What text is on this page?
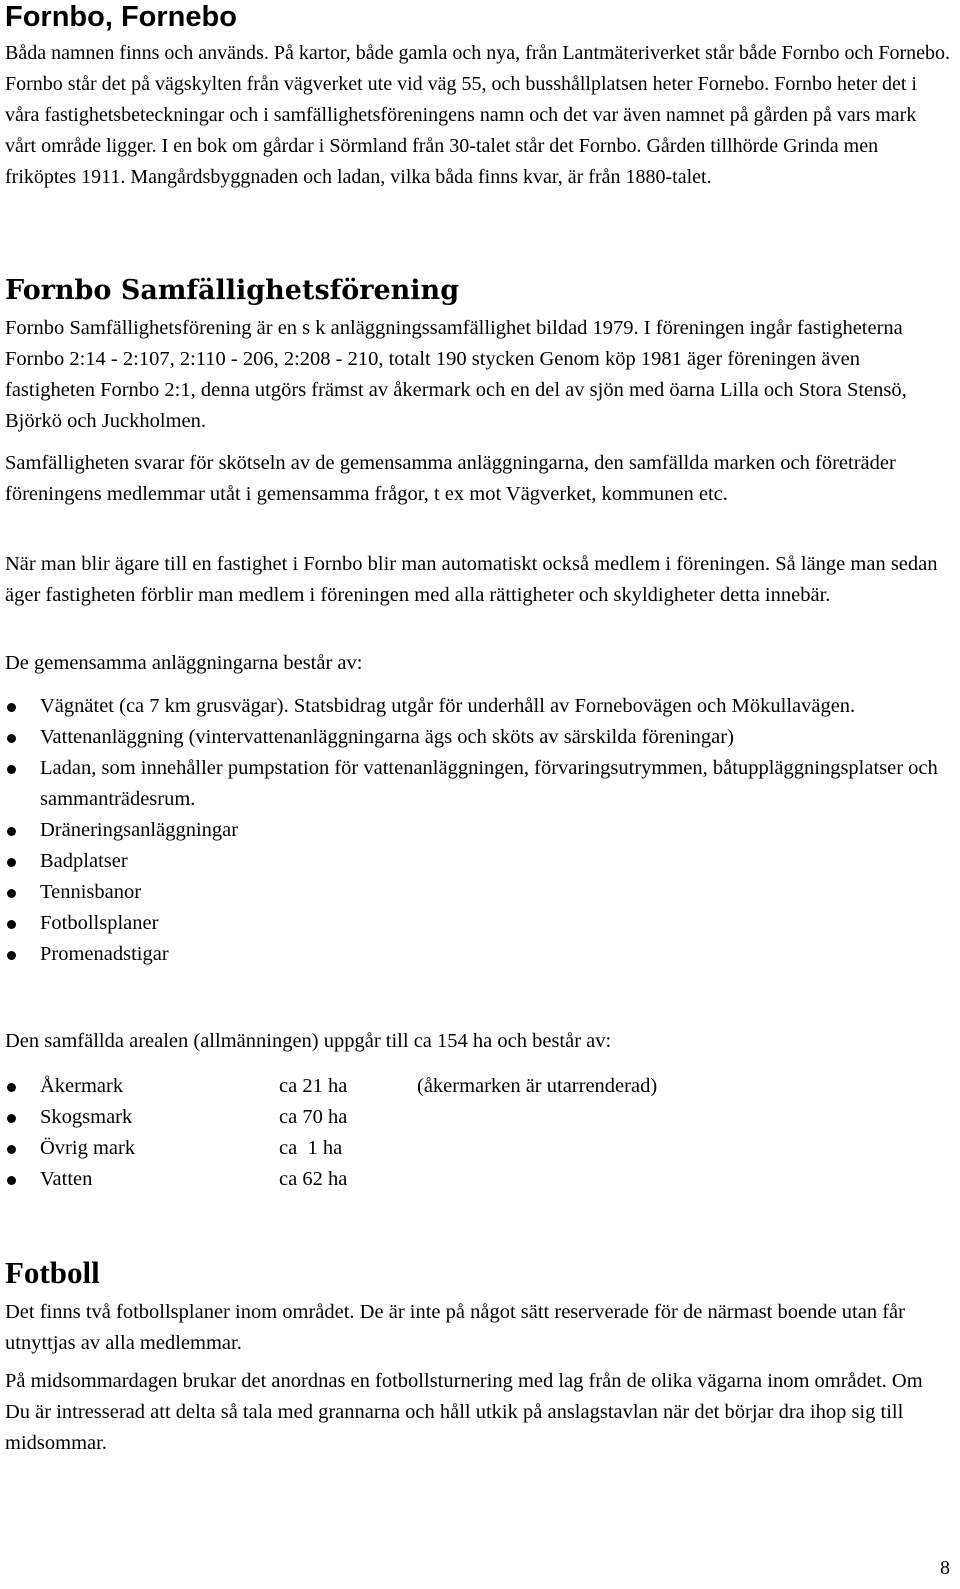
Fornbo, Fornebo

Båda namnen finns och används. På kartor, både gamla och nya, från Lantmäteriverket står både Fornbo och Fornebo. Fornbo står det på vägskylten från vägverket ute vid väg 55, och busshållplatsen heter Fornebo. Fornbo heter det i våra fastighetsbeteckningar och i samfällighetsföreningens namn och det var även namnet på gården på vars mark vårt område ligger. I en bok om gårdar i Sörmland från 30-talet står det Fornbo. Gården tillhörde Grinda men friköptes 1911. Mangårdsbyggnaden och ladan, vilka båda finns kvar, är från 1880-talet.

Fornbo Samfällighetsförening

Fornbo Samfällighetsförening är en s k anläggningssamfällighet bildad 1979. I föreningen ingår fastigheterna Fornbo 2:14 - 2:107, 2:110 - 206, 2:208 - 210, totalt 190 stycken Genom köp 1981 äger föreningen även fastigheten Fornbo 2:1, denna utgörs främst av åkermark och en del av sjön med öarna Lilla och Stora Stensö, Björkö och Juckholmen.

Samfälligheten svarar för skötseln av de gemensamma anläggningarna, den samfällda marken och företräder föreningens medlemmar utåt i gemensamma frågor, t ex mot Vägverket, kommunen etc.

När man blir ägare till en fastighet i Fornbo blir man automatiskt också medlem i föreningen. Så länge man sedan äger fastigheten förblir man medlem i föreningen med alla rättigheter och skyldigheter detta innebär.

De gemensamma anläggningarna består av:

Vägnätet (ca 7 km grusvägar). Statsbidrag utgår för underhåll av Fornebovägen och Mökullavägen.
Vattenanläggning (vintervattenanläggningarna ägs och sköts av särskilda föreningar)
Ladan, som innehåller pumpstation för vattenanläggningen, förvaringsutrymmen, båtuppläggningsplatser och sammanträdesrum.
Dräneringsanläggningar
Badplatser
Tennisbanor
Fotbollsplaner
Promenadstigar

Den samfällda arealen (allmänningen) uppgår till ca 154 ha och består av:

Åkermark	ca 21 ha	(åkermarken är utarrenderad)
Skogsmark	ca 70 ha
Övrig mark	ca  1 ha
Vatten	ca 62 ha
Fotboll

Det finns två fotbollsplaner inom området. De är inte på något sätt reserverade för de närmast boende utan får utnyttjas av alla medlemmar.

På midsommardagen brukar det anordnas en fotbollsturnering med lag från de olika vägarna inom området. Om Du är intresserad att delta så tala med grannarna och håll utkik på anslagstavlan när det börjar dra ihop sig till midsommar.

8
